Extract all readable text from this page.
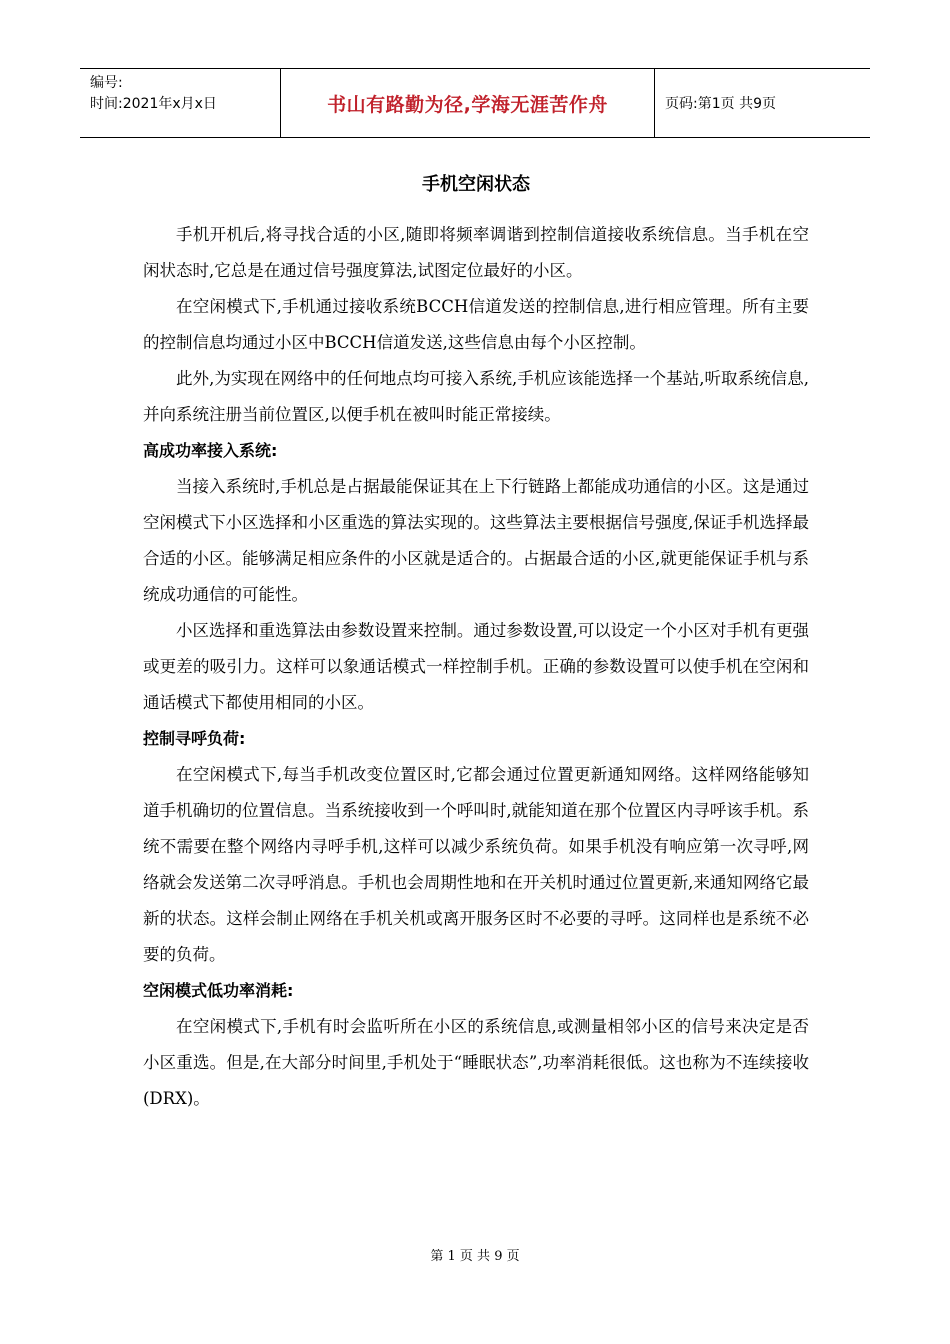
编号:
时间:2021年x月x日	书山有路勤为径,学海无涯苦作舟	页码:第1页 共9页
手机空闲状态

手机开机后,将寻找合适的小区,随即将频率调谐到控制信道接收系统信息。当手机在空闲状态时,它总是在通过信号强度算法,试图定位最好的小区。

在空闲模式下,手机通过接收系统BCCH信道发送的控制信息,进行相应管理。所有主要的控制信息均通过小区中BCCH信道发送,这些信息由每个小区控制。

此外,为实现在网络中的任何地点均可接入系统,手机应该能选择一个基站,听取系统信息,并向系统注册当前位置区,以便手机在被叫时能正常接续。

高成功率接入系统:

当接入系统时,手机总是占据最能保证其在上下行链路上都能成功通信的小区。这是通过空闲模式下小区选择和小区重选的算法实现的。这些算法主要根据信号强度,保证手机选择最合适的小区。能够满足相应条件的小区就是适合的。占据最合适的小区,就更能保证手机与系统成功通信的可能性。

小区选择和重选算法由参数设置来控制。通过参数设置,可以设定一个小区对手机有更强或更差的吸引力。这样可以象通话模式一样控制手机。正确的参数设置可以使手机在空闲和通话模式下都使用相同的小区。

控制寻呼负荷:

在空闲模式下,每当手机改变位置区时,它都会通过位置更新通知网络。这样网络能够知道手机确切的位置信息。当系统接收到一个呼叫时,就能知道在那个位置区内寻呼该手机。系统不需要在整个网络内寻呼手机,这样可以减少系统负荷。如果手机没有响应第一次寻呼,网络就会发送第二次寻呼消息。手机也会周期性地和在开关机时通过位置更新,来通知网络它最新的状态。这样会制止网络在手机关机或离开服务区时不必要的寻呼。这同样也是系统不必要的负荷。

空闲模式低功率消耗:

在空闲模式下,手机有时会监听所在小区的系统信息,或测量相邻小区的信号来决定是否小区重选。但是,在大部分时间里,手机处于“睡眠状态”,功率消耗很低。这也称为不连续接收(DRX)。

第 1 页 共 9 页
